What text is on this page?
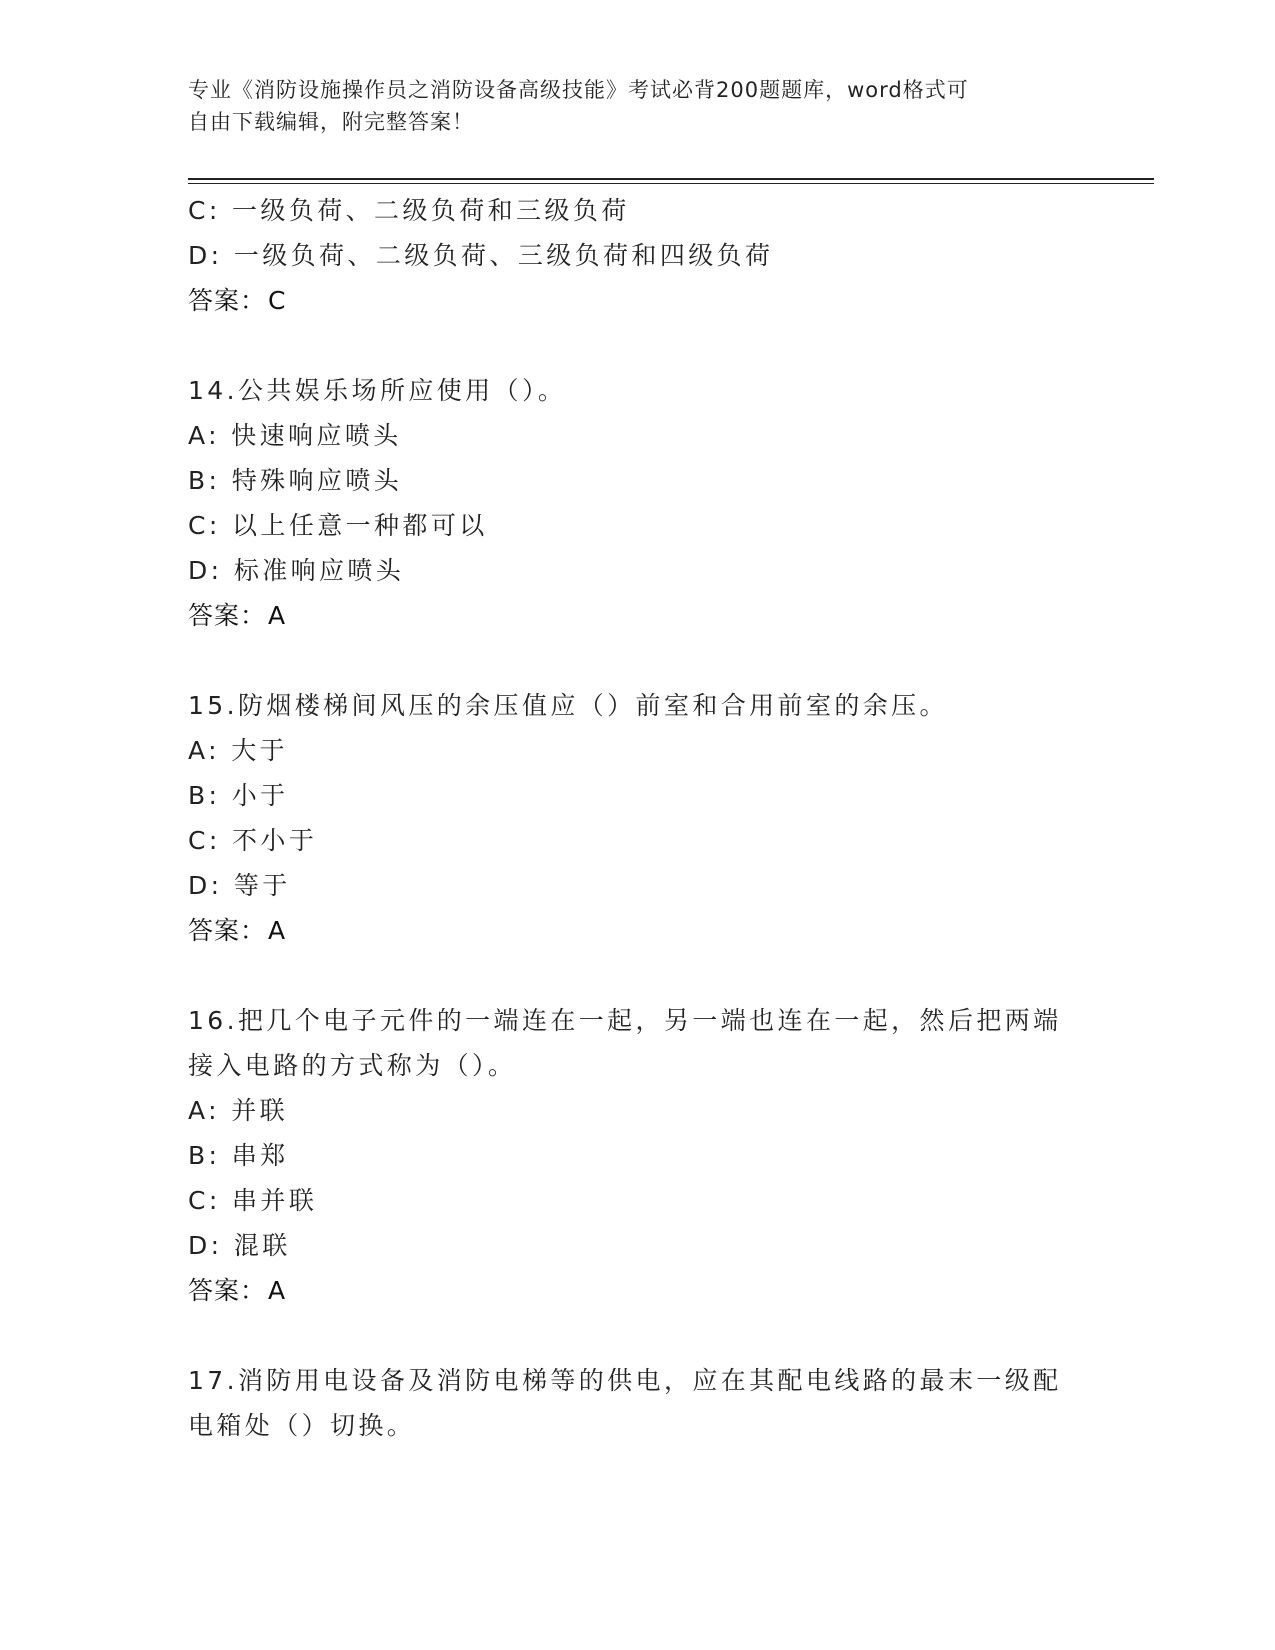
专业《消防设施操作员之消防设备高级技能》考试必背200题题库，word格式可
自由下载编辑，附完整答案！
C: 一级负荷、二级负荷和三级负荷
D: 一级负荷、二级负荷、三级负荷和四级负荷
答案：C
14.公共娱乐场所应使用（）。
A: 快速响应喷头
B: 特殊响应喷头
C: 以上任意一种都可以
D: 标准响应喷头
答案：A
15.防烟楼梯间风压的余压值应（）前室和合用前室的余压。
A: 大于
B: 小于
C: 不小于
D: 等于
答案：A
16.把几个电子元件的一端连在一起，另一端也连在一起，然后把两端
接入电路的方式称为（）。
A: 并联
B: 串郑
C: 串并联
D: 混联
答案：A
17.消防用电设备及消防电梯等的供电，应在其配电线路的最末一级配
电箱处（）切换。
